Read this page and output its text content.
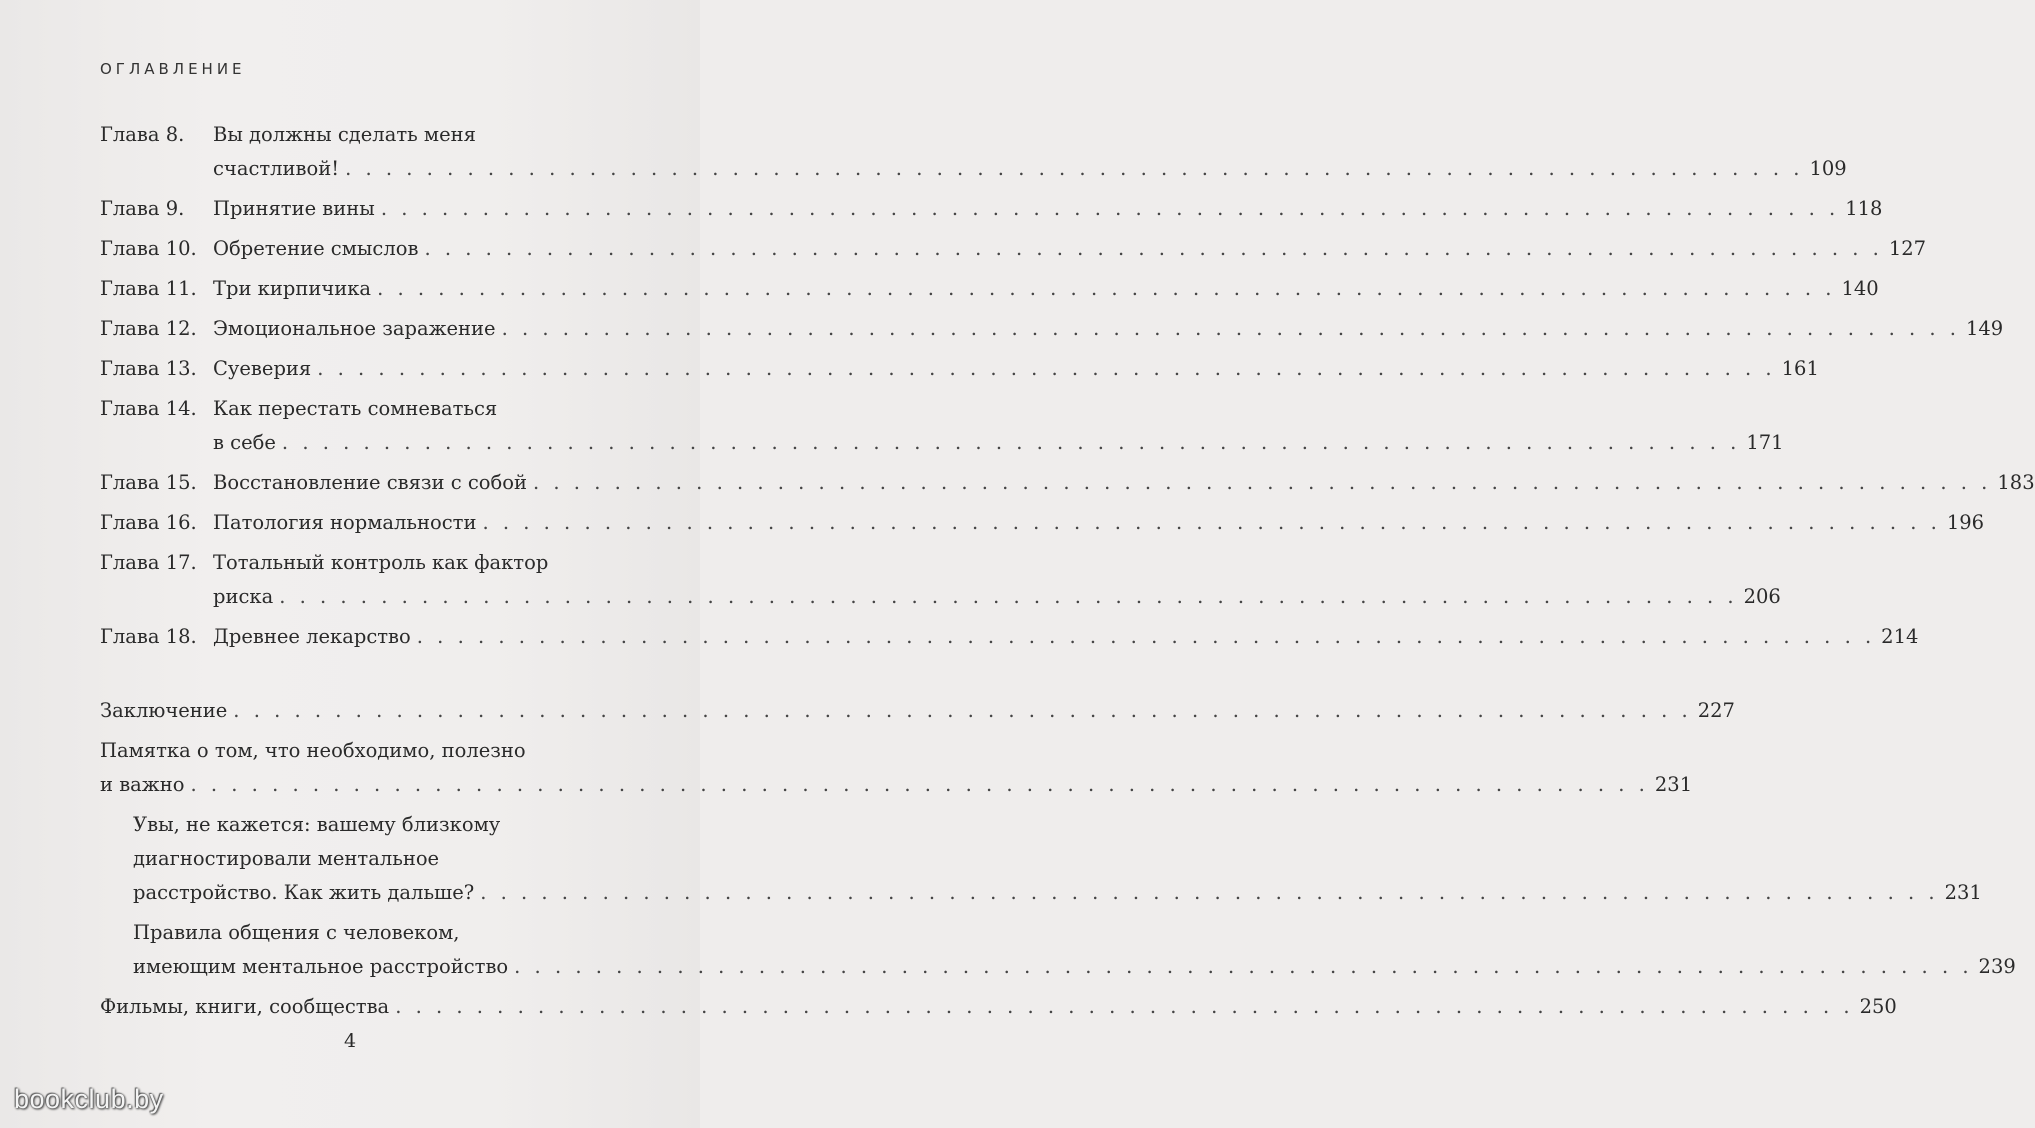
ОГЛАВЛЕНИЕ
Глава 8.	Вы должны сделать меня
счастливой! . . .	109
Глава 9.	Принятие вины . . .	118
Глава 10. Обретение смыслов . . .	127
Глава 11. Три кирпичика . . .	140
Глава 12. Эмоциональное заражение . . .	149
Глава 13. Суеверия . . .	161
Глава 14. Как перестать сомневаться
в себе . . .	171
Глава 15. Восстановление связи с собой . . .	183
Глава 16. Патология нормальности . . .	196
Глава 17. Тотальный контроль как фактор
риска . . .	206
Глава 18. Древнее лекарство . . .	214
Заключение . . .	227
Памятка о том, что необходимо, полезно
и важно . . .	231
Увы, не кажется: вашему близкому
диагностировали ментальное
расстройство. Как жить дальше? . . .	231
Правила общения с человеком,
имеющим ментальное расстройство . . .	239
Фильмы, книги, сообщества . . .	250
4
bookclub.by
